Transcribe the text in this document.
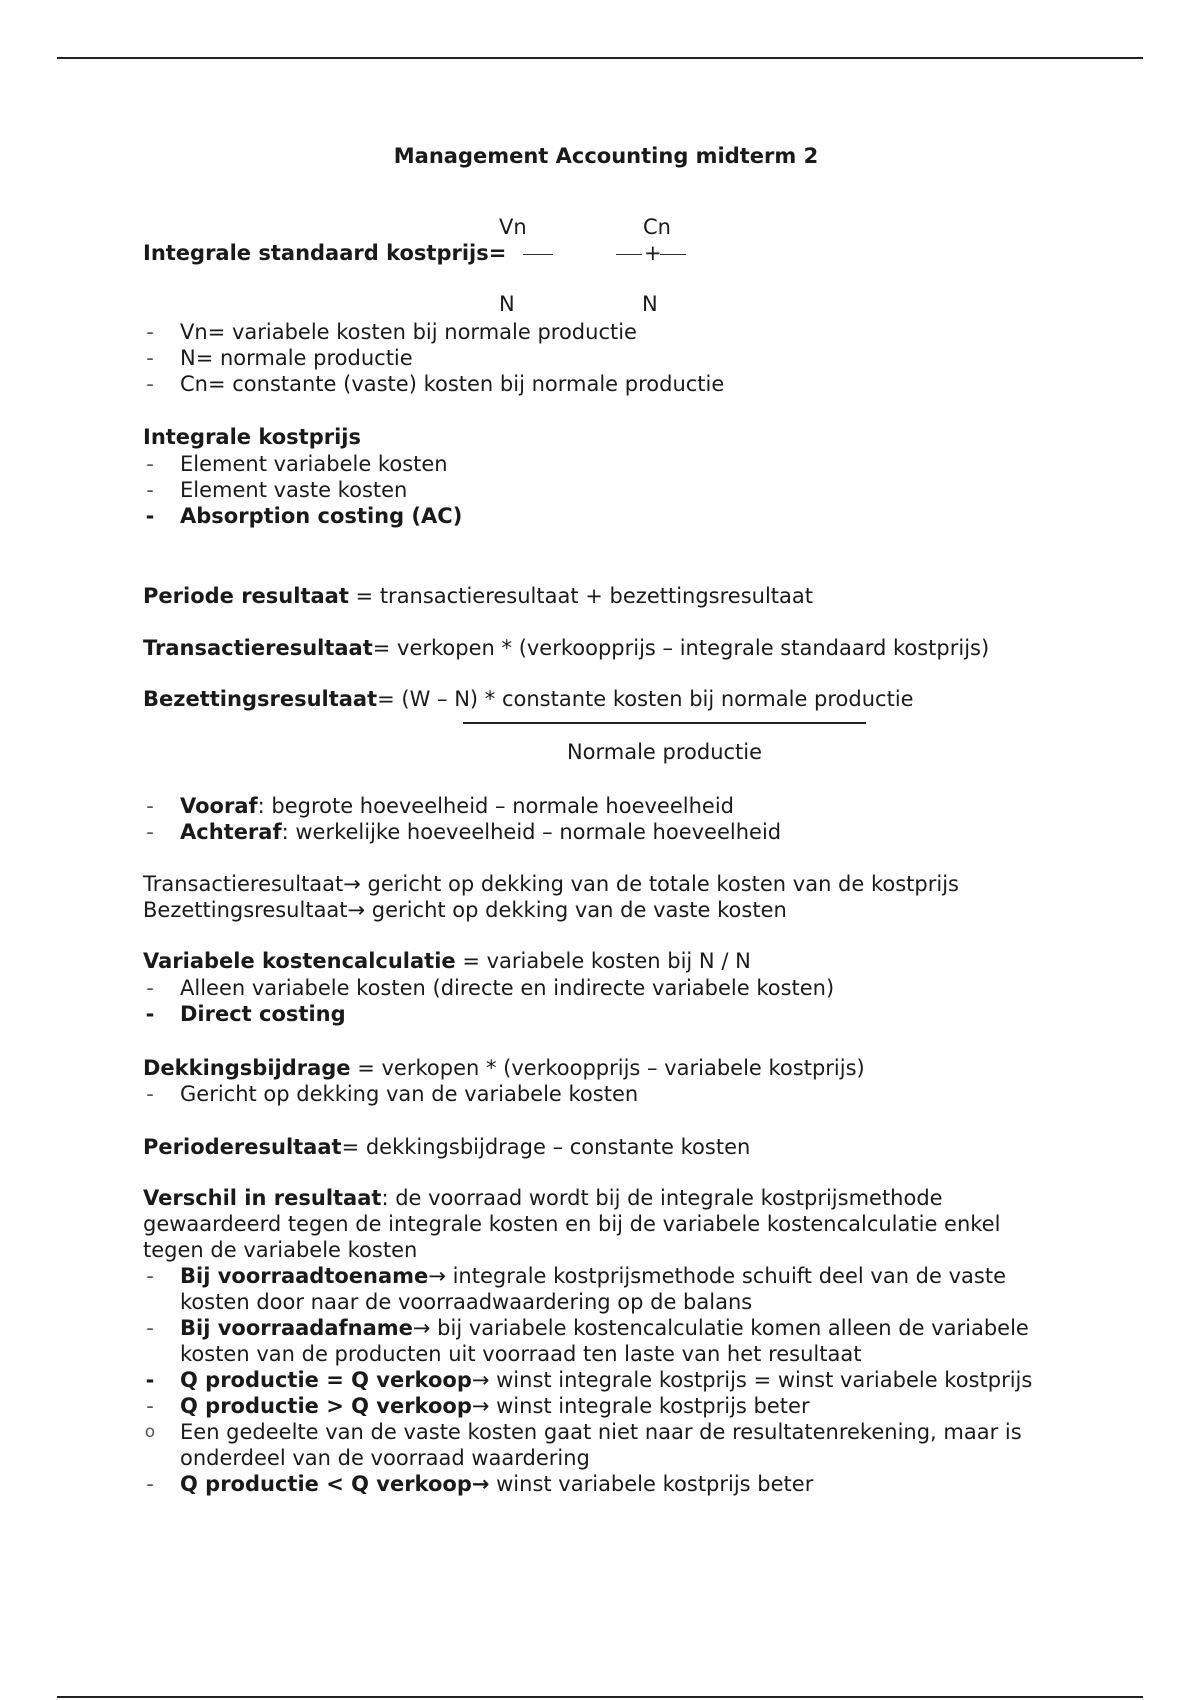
Management Accounting midterm 2
Vn	Cn
Integrale standaard kostprijs=	+
N	N
- Vn= variabele kosten bij normale productie
- N= normale productie
- Cn= constante (vaste) kosten bij normale productie
Integrale kostprijs
- Element variabele kosten
- Element vaste kosten
- Absorption costing (AC)
Periode resultaat = transactieresultaat + bezettingsresultaat
Transactieresultaat= verkopen * (verkoopprijs – integrale standaard kostprijs)
Bezettingsresultaat= (W – N) * constante kosten bij normale productie
Normale productie
- Vooraf: begrote hoeveelheid – normale hoeveelheid
- Achteraf: werkelijke hoeveelheid – normale hoeveelheid
Transactieresultaat→ gericht op dekking van de totale kosten van de kostprijs
Bezettingsresultaat→ gericht op dekking van de vaste kosten
Variabele kostencalculatie = variabele kosten bij N / N
- Alleen variabele kosten (directe en indirecte variabele kosten)
- Direct costing
Dekkingsbijdrage = verkopen * (verkoopprijs – variabele kostprijs)
- Gericht op dekking van de variabele kosten
Perioderesultaat= dekkingsbijdrage – constante kosten
Verschil in resultaat: de voorraad wordt bij de integrale kostprijsmethode gewaardeerd tegen de integrale kosten en bij de variabele kostencalculatie enkel tegen de variabele kosten
- Bij voorraadtoename→ integrale kostprijsmethode schuift deel van de vaste kosten door naar de voorraadwaardering op de balans
- Bij voorraadafname→ bij variabele kostencalculatie komen alleen de variabele kosten van de producten uit voorraad ten laste van het resultaat
- Q productie = Q verkoop→ winst integrale kostprijs = winst variabele kostprijs
- Q productie > Q verkoop→ winst integrale kostprijs beter
o Een gedeelte van de vaste kosten gaat niet naar de resultatenrekening, maar is onderdeel van de voorraad waardering
- Q productie < Q verkoop→ winst variabele kostprijs beter
